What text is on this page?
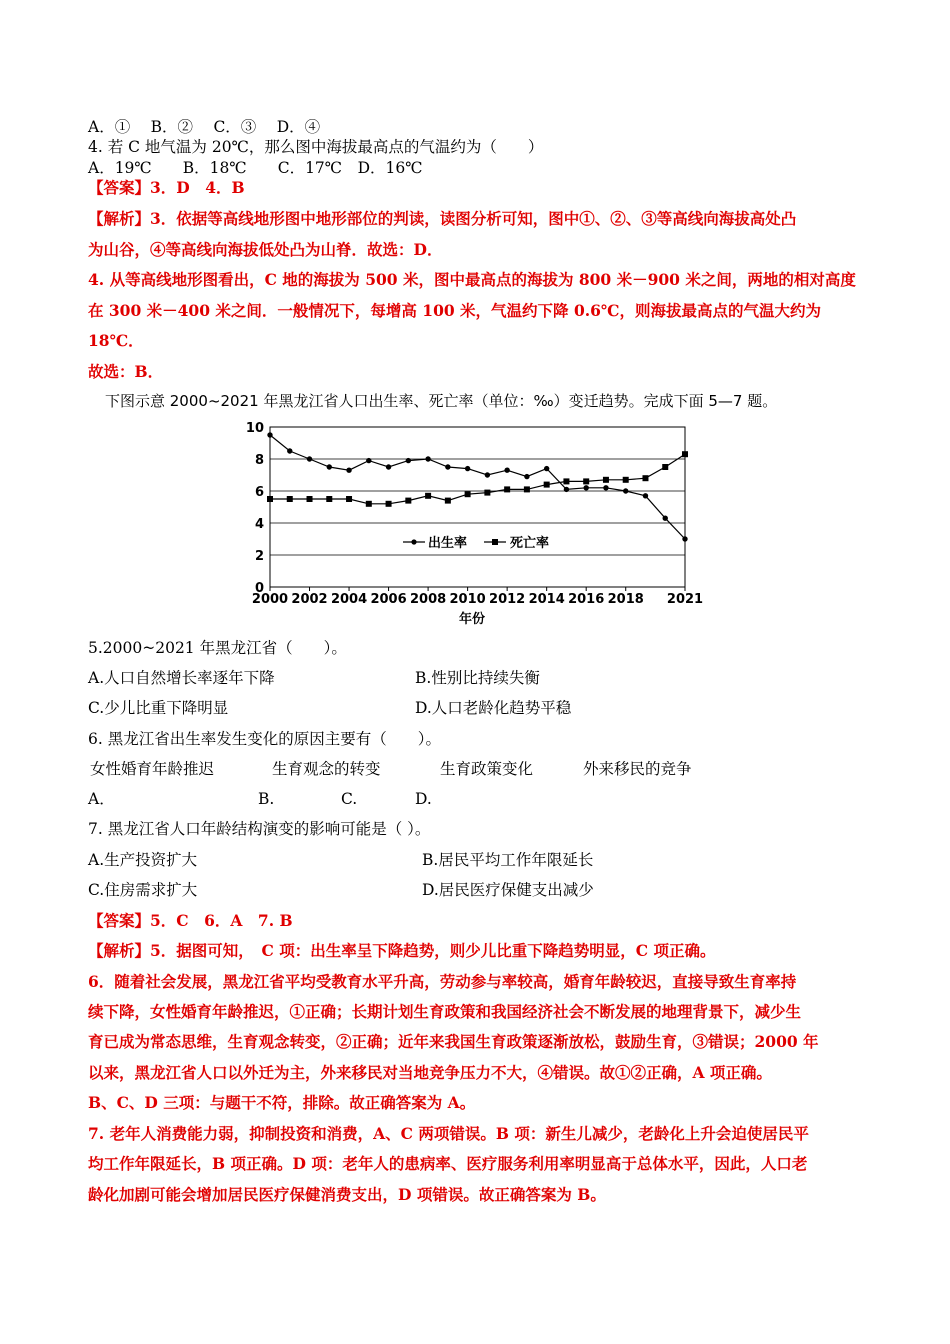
A．①　 B．②　 C．③　 D．④
4. 若 C 地气温为 20℃，那么图中海拔最高点的气温约为（　　）
A．19℃　　B．18℃　　C．17℃　D．16℃
【答案】3．D　4．B
【解析】3．依据等高线地形图中地形部位的判读，读图分析可知，图中①、②、③等高线向海拔高处凸
为山谷，④等高线向海拔低处凸为山脊．故选：D．
4. 从等高线地形图看出，C 地的海拔为 500 米，图中最高点的海拔为 800 米－900 米之间，两地的相对高度
在 300 米－400 米之间．一般情况下，每增高 100 米，气温约下降 0.6℃，则海拔最高点的气温大约为
18℃．
故选：B．
下图示意 2000~2021 年黑龙江省人口出生率、死亡率（单位：‰）变迁趋势。完成下面 5—7 题。
0
2
4
6
8
10
2000 2002 2004 2006 2008 2010 2012 2014 2016 2018 2021
出生率	死亡率
年份
5.2000~2021 年黑龙江省（　　）。
A.人口自然增长率逐年下降	B.性别比持续失衡
C.少儿比重下降明显	D.人口老龄化趋势平稳
6. 黑龙江省出生率发生变化的原因主要有（　　）。
女性婚育年龄推迟	生育观念的转变	生育政策变化	外来移民的竞争
A．	B.	C.	D.
7. 黑龙江省人口年龄结构演变的影响可能是（ ）。
A.生产投资扩大	B.居民平均工作年限延长
C.住房需求扩大	D.居民医疗保健支出减少
【答案】5．C　6．A　7. B
【解析】5．据图可知，　C 项：出生率呈下降趋势，则少儿比重下降趋势明显，C 项正确。
6．随着社会发展，黑龙江省平均受教育水平升高，劳动参与率较高，婚育年龄较迟，直接导致生育率持
续下降，女性婚育年龄推迟，①正确；长期计划生育政策和我国经济社会不断发展的地理背景下，减少生
育已成为常态思维，生育观念转变，②正确；近年来我国生育政策逐渐放松，鼓励生育，③错误；2000 年
以来，黑龙江省人口以外迁为主，外来移民对当地竞争压力不大，④错误。故①②正确，A 项正确。
B、C、D 三项：与题干不符，排除。故正确答案为 A。
7. 老年人消费能力弱，抑制投资和消费，A、C 两项错误。B 项：新生儿减少，老龄化上升会迫使居民平
均工作年限延长，B 项正确。D 项：老年人的患病率、医疗服务利用率明显高于总体水平，因此，人口老
龄化加剧可能会增加居民医疗保健消费支出，D 项错误。故正确答案为 B。
